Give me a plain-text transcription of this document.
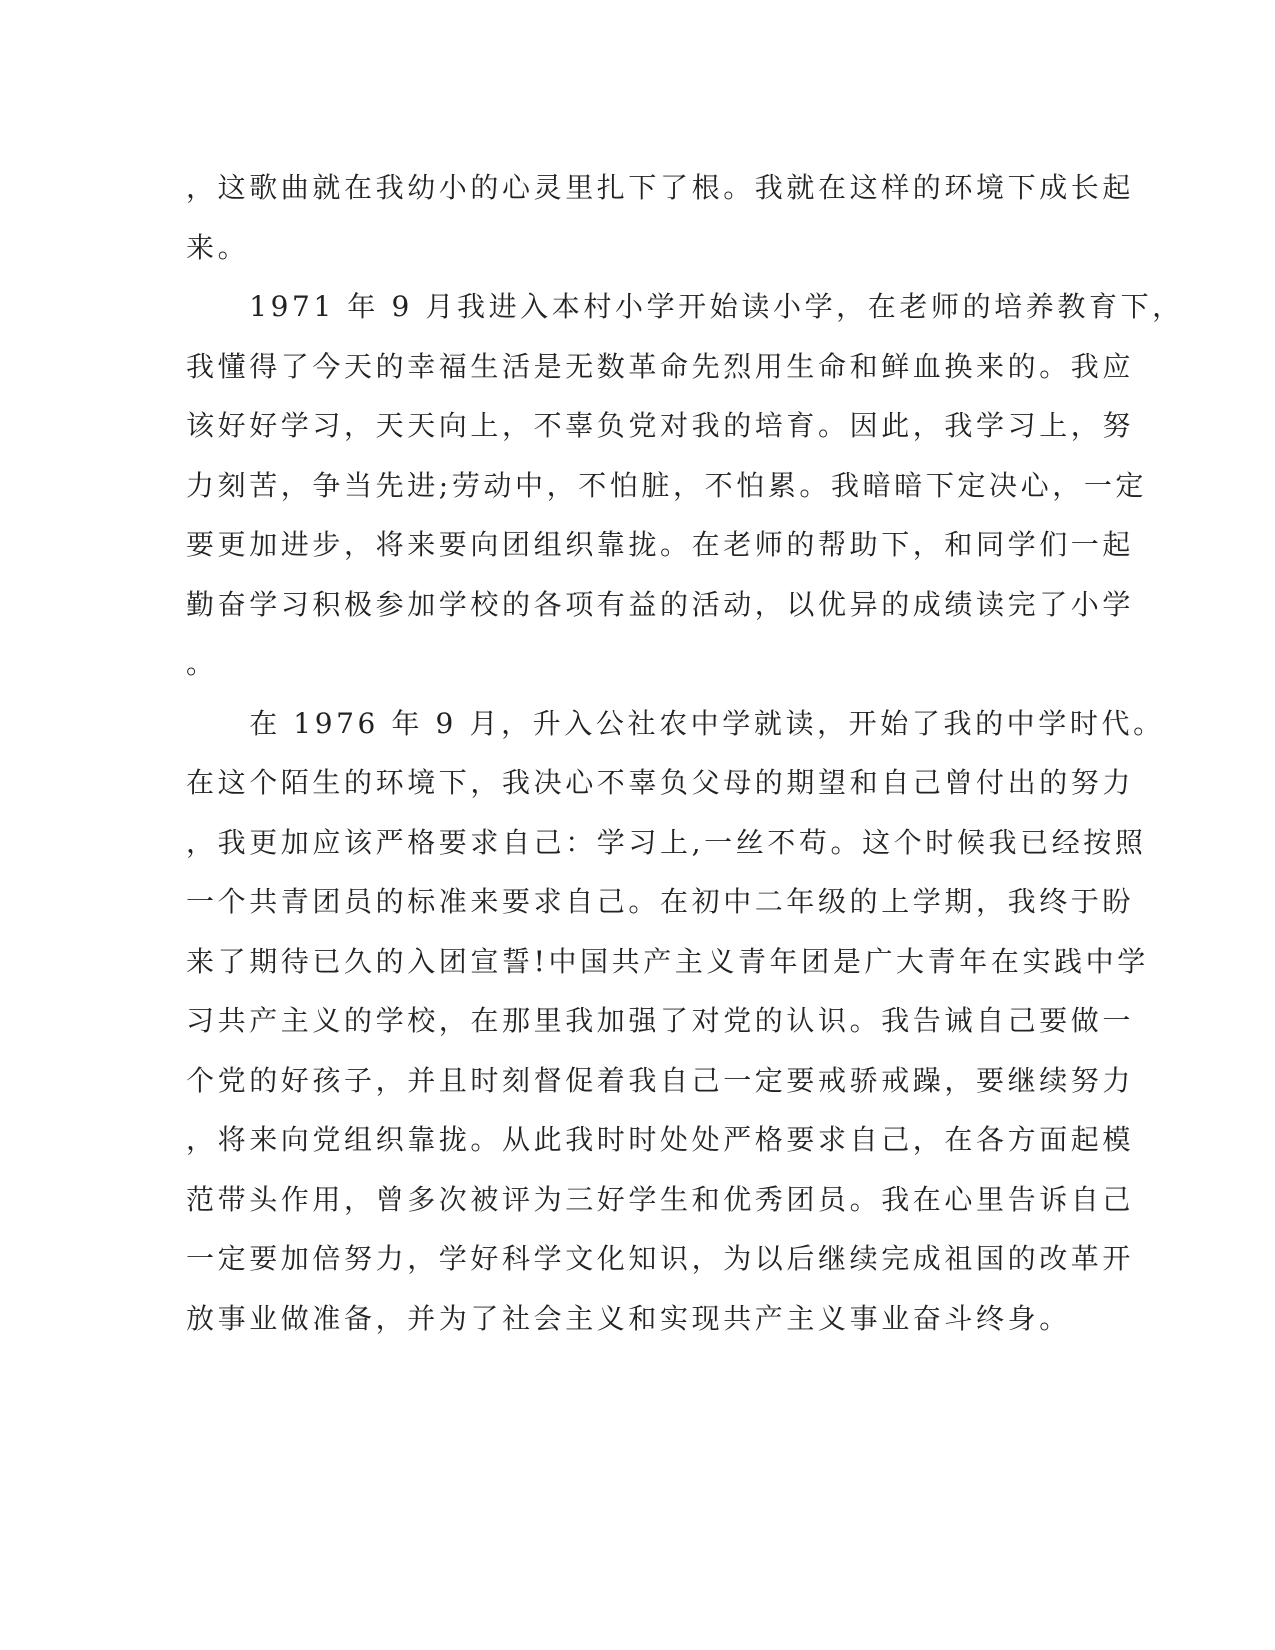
，这歌曲就在我幼小的心灵里扎下了根。我就在这样的环境下成长起
来。
　　1971 年 9 月我进入本村小学开始读小学，在老师的培养教育下，
我懂得了今天的幸福生活是无数革命先烈用生命和鲜血换来的。我应
该好好学习，天天向上，不辜负党对我的培育。因此，我学习上，努
力刻苦，争当先进;劳动中，不怕脏，不怕累。我暗暗下定决心，一定
要更加进步，将来要向团组织靠拢。在老师的帮助下，和同学们一起
勤奋学习积极参加学校的各项有益的活动，以优异的成绩读完了小学
。
　　在 1976 年 9 月，升入公社农中学就读，开始了我的中学时代。
在这个陌生的环境下，我决心不辜负父母的期望和自己曾付出的努力
，我更加应该严格要求自己：学习上,一丝不苟。这个时候我已经按照
一个共青团员的标准来要求自己。在初中二年级的上学期，我终于盼
来了期待已久的入团宣誓!中国共产主义青年团是广大青年在实践中学
习共产主义的学校，在那里我加强了对党的认识。我告诫自己要做一
个党的好孩子，并且时刻督促着我自己一定要戒骄戒躁，要继续努力
，将来向党组织靠拢。从此我时时处处严格要求自己，在各方面起模
范带头作用，曾多次被评为三好学生和优秀团员。我在心里告诉自己
一定要加倍努力，学好科学文化知识，为以后继续完成祖国的改革开
放事业做准备，并为了社会主义和实现共产主义事业奋斗终身。
